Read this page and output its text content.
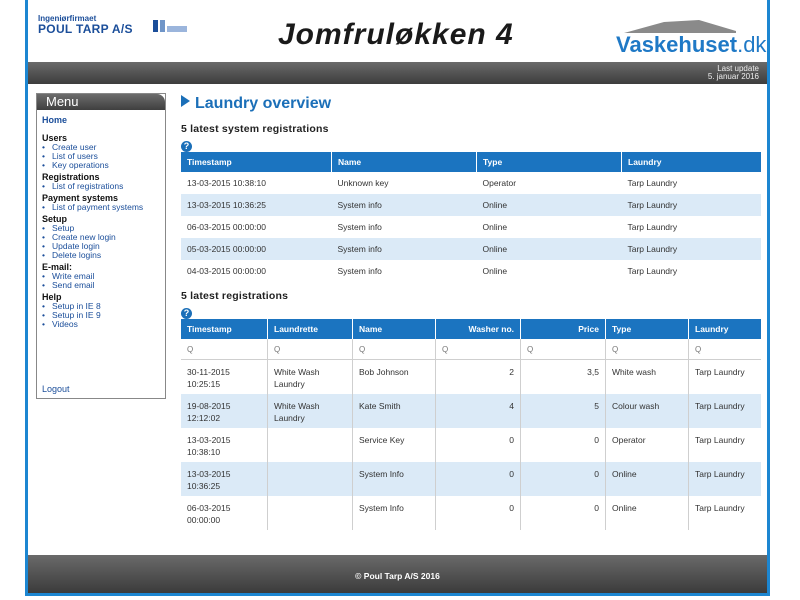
Ingeniørfirmaet
POUL TARP A/S	Jomfruløkken 4	Vaskehuset.dk
Last update
5. januar 2016
Menu
Home
Users
• Create user
• List of users
• Key operations
Registrations
• List of registrations
Payment systems
• List of payment systems
Setup
• Setup
• Create new login
• Update login
• Delete logins
E-mail:
• Write email
• Send email
Help
• Setup in IE 8
• Setup in IE 9
• Videos
Logout
Laundry overview
5 latest system registrations
?
Timestamp	Name	Type	Laundry
13-03-2015 10:38:10	Unknown key	Operator	Tarp Laundry
13-03-2015 10:36:25	System info	Online	Tarp Laundry
06-03-2015 00:00:00	System info	Online	Tarp Laundry
05-03-2015 00:00:00	System info	Online	Tarp Laundry
04-03-2015 00:00:00	System info	Online	Tarp Laundry
5 latest registrations
?
Timestamp	Laundrette	Name	Washer no.	Price	Type	Laundry
Q	Q	Q	Q	Q	Q	Q
30-11-2015 10:25:15	White Wash Laundry	Bob Johnson	2	3,5	White wash	Tarp Laundry
19-08-2015 12:12:02	White Wash Laundry	Kate Smith	4	5	Colour wash	Tarp Laundry
13-03-2015 10:38:10		Service Key	0	0	Operator	Tarp Laundry
13-03-2015 10:36:25		System Info	0	0	Online	Tarp Laundry
06-03-2015 00:00:00		System Info	0	0	Online	Tarp Laundry
© Poul Tarp A/S 2016
